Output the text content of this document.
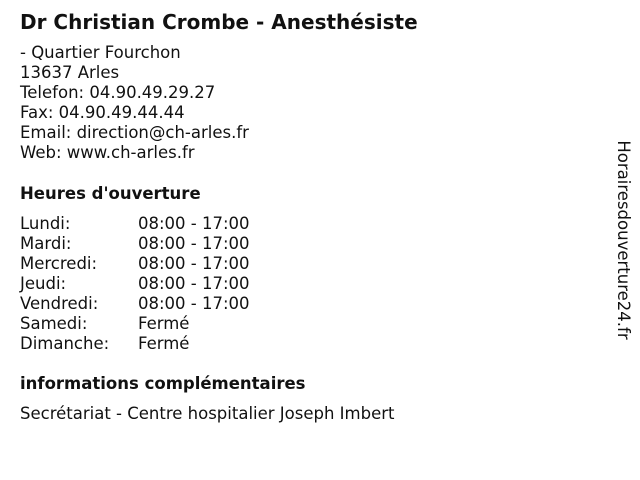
Dr Christian Crombe - Anesthésiste
- Quartier Fourchon
13637 Arles
Telefon: 04.90.49.29.27
Fax: 04.90.49.44.44
Email: direction@ch-arles.fr
Web: www.ch-arles.fr
Heures d'ouverture
Lundi:	08:00 - 17:00
Mardi:	08:00 - 17:00
Mercredi:	08:00 - 17:00
Jeudi:	08:00 - 17:00
Vendredi:	08:00 - 17:00
Samedi:	Fermé
Dimanche:	Fermé
informations complémentaires
Secrétariat - Centre hospitalier Joseph Imbert
Horairesdouverture24.fr
